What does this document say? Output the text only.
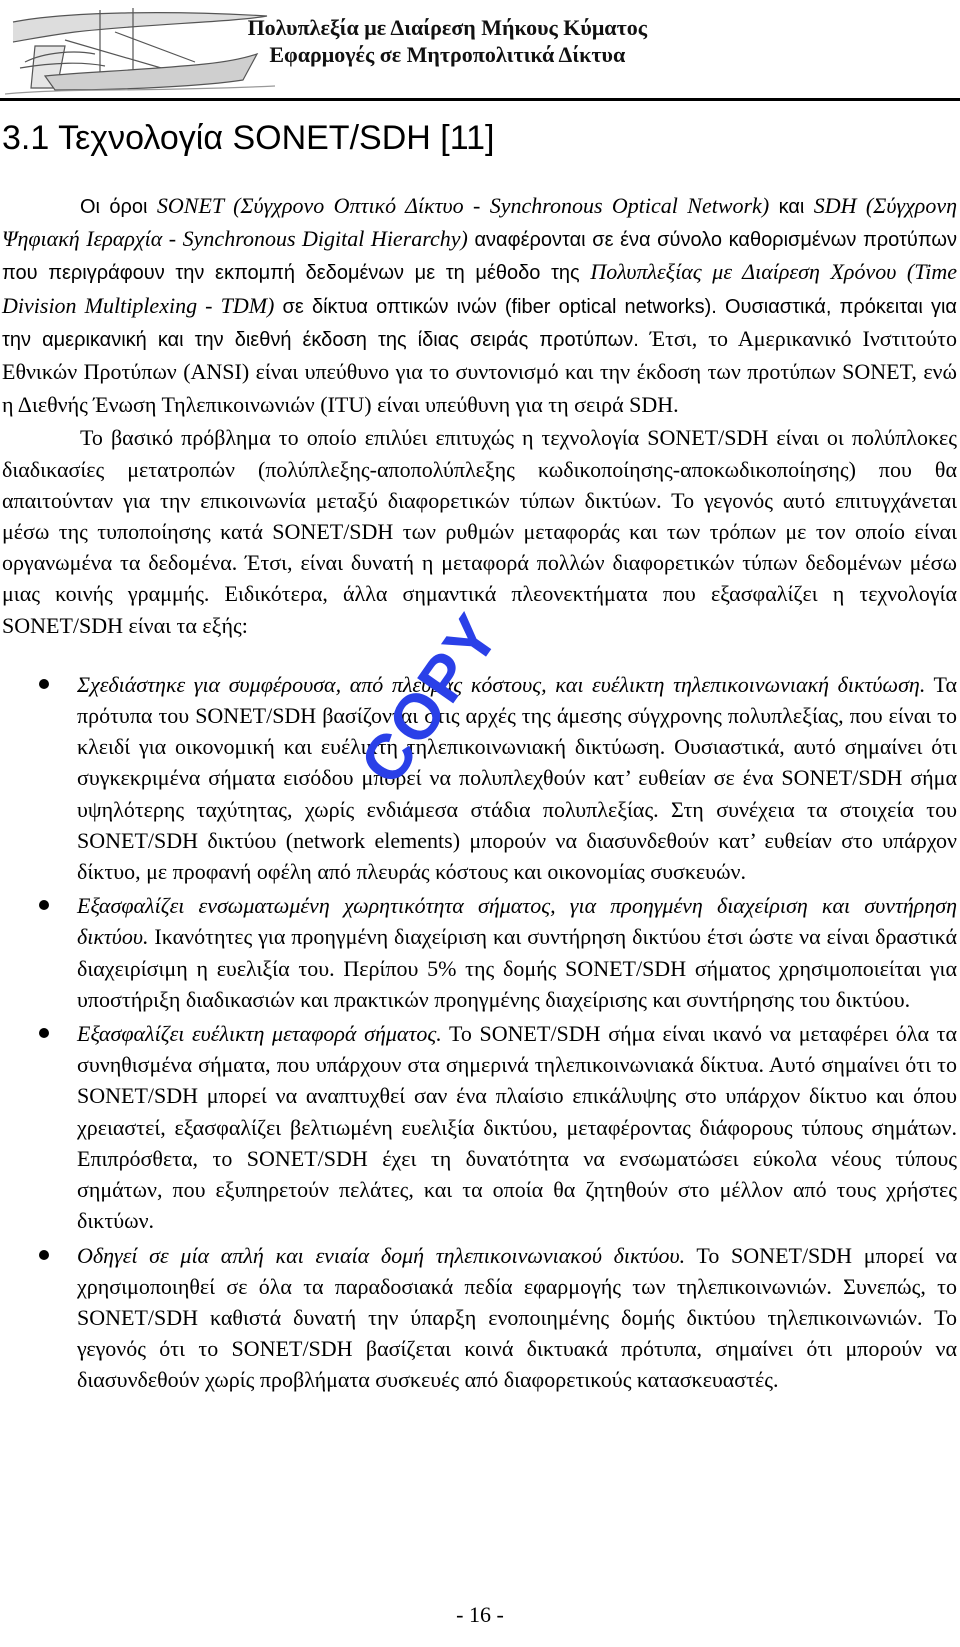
Πολυπλεξία με Διαίρεση Μήκους Κύματος
Εφαρμογές σε Μητροπολιτικά Δίκτυα
3.1 Τεχνολογία SONET/SDH [11]

Οι όροι SONET (Σύγχρονο Οπτικό Δίκτυο - Synchronous Optical Network) και SDH (Σύγχρονη Ψηφιακή Ιεραρχία - Synchronous Digital Hierarchy) αναφέρονται σε ένα σύνολο καθορισμένων προτύπων που περιγράφουν την εκπομπή δεδομένων με τη μέθοδο της Πολυπλεξίας με Διαίρεση Χρόνου (Time Division Multiplexing - TDM) σε δίκτυα οπτικών ινών (fiber optical networks). Ουσιαστικά, πρόκειται για την αμερικανική και την διεθνή έκδοση της ίδιας σειράς προτύπων. Έτσι, το Αμερικανικό Ινστιτούτο Εθνικών Προτύπων (ANSI) είναι υπεύθυνο για το συντονισμό και την έκδοση των προτύπων SONET, ενώ η Διεθνής Ένωση Τηλεπικοινωνιών (ITU) είναι υπεύθυνη για τη σειρά SDH.

Το βασικό πρόβλημα το οποίο επιλύει επιτυχώς η τεχνολογία SONET/SDH είναι οι πολύπλοκες διαδικασίες μετατροπών (πολύπλεξης-αποπολύπλεξης κωδικοποίησης-αποκωδικοποίησης) που θα απαιτούνταν για την επικοινωνία μεταξύ διαφορετικών τύπων δικτύων. Το γεγονός αυτό επιτυγχάνεται μέσω της τυποποίησης κατά SONET/SDH των ρυθμών μεταφοράς και των τρόπων με τον οποίο είναι οργανωμένα τα δεδομένα. Έτσι, είναι δυνατή η μεταφορά πολλών διαφορετικών τύπων δεδομένων μέσω μιας κοινής γραμμής. Ειδικότερα, άλλα σημαντικά πλεονεκτήματα που εξασφαλίζει η τεχνολογία SONET/SDH είναι τα εξής:

Σχεδιάστηκε για συμφέρουσα, από πλευράς κόστους, και ευέλικτη τηλεπικοινωνιακή δικτύωση. Τα πρότυπα του SONET/SDH βασίζονται στις αρχές της άμεσης σύγχρονης πολυπλεξίας, που είναι το κλειδί για οικονομική και ευέλικτη τηλεπικοινωνιακή δικτύωση. Ουσιαστικά, αυτό σημαίνει ότι συγκεκριμένα σήματα εισόδου μπορεί να πολυπλεχθούν κατ’ ευθείαν σε ένα SONET/SDH σήμα υψηλότερης ταχύτητας, χωρίς ενδιάμεσα στάδια πολυπλεξίας. Στη συνέχεια τα στοιχεία του SONET/SDH δικτύου (network elements) μπορούν να διασυνδεθούν κατ’ ευθείαν στο υπάρχον δίκτυο, με προφανή οφέλη από πλευράς κόστους και οικονομίας συσκευών.
Εξασφαλίζει ενσωματωμένη χωρητικότητα σήματος, για προηγμένη διαχείριση και συντήρηση δικτύου. Ικανότητες για προηγμένη διαχείριση και συντήρηση δικτύου έτσι ώστε να είναι δραστικά διαχειρίσιμη η ευελιξία του. Περίπου 5% της δομής SONET/SDH σήματος χρησιμοποιείται για υποστήριξη διαδικασιών και πρακτικών προηγμένης διαχείρισης και συντήρησης του δικτύου.
Εξασφαλίζει ευέλικτη μεταφορά σήματος. Το SONET/SDH σήμα είναι ικανό να μεταφέρει όλα τα συνηθισμένα σήματα, που υπάρχουν στα σημερινά τηλεπικοινωνιακά δίκτυα. Αυτό σημαίνει ότι το SONET/SDH μπορεί να αναπτυχθεί σαν ένα πλαίσιο επικάλυψης στο υπάρχον δίκτυο και όπου χρειαστεί, εξασφαλίζει βελτιωμένη ευελιξία δικτύου, μεταφέροντας διάφορους τύπους σημάτων. Επιπρόσθετα, το SONET/SDH έχει τη δυνατότητα να ενσωματώσει εύκολα νέους τύπους σημάτων, που εξυπηρετούν πελάτες, και τα οποία θα ζητηθούν στο μέλλον από τους χρήστες δικτύων.
Οδηγεί σε μία απλή και ενιαία δομή τηλεπικοινωνιακού δικτύου. Το SONET/SDH μπορεί να χρησιμοποιηθεί σε όλα τα παραδοσιακά πεδία εφαρμογής των τηλεπικοινωνιών. Συνεπώς, το SONET/SDH καθιστά δυνατή την ύπαρξη ενοποιημένης δομής δικτύου τηλεπικοινωνιών. Το γεγονός ότι το SONET/SDH βασίζεται κοινά δικτυακά πρότυπα, σημαίνει ότι μπορούν να διασυνδεθούν χωρίς προβλήματα συσκευές από διαφορετικούς κατασκευαστές.
COPY
- 16 -
